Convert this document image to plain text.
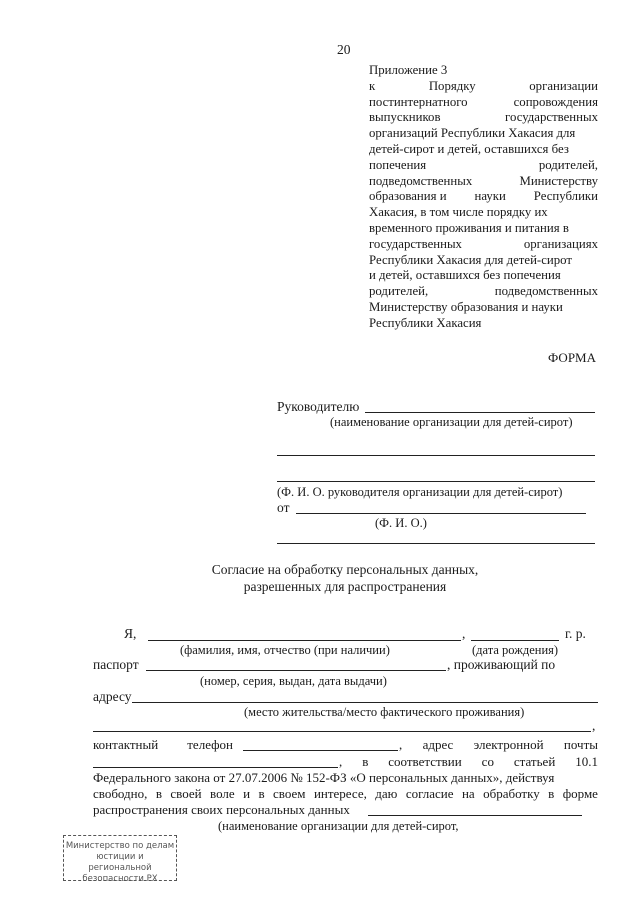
20
Приложение 3
к	Порядку	организации
постинтернатного	сопровождения
выпускников	государственных
организаций Республики Хакасия для
детей-сирот и детей, оставшихся без
попечения	родителей,
подведомственных	Министерству
образования и науки Республики
Хакасия, в том числе порядку их
временного проживания и питания в
государственных	организациях
Республики Хакасия для детей-сирот
и детей, оставшихся без попечения
родителей,	подведомственных
Министерству образования и науки
Республики Хакасия
ФОРМА
Руководителю
(наименование организации для детей-сирот)
(Ф. И. О. руководителя организации для детей-сирот)
от
(Ф. И. О.)
Согласие на обработку персональных данных,
разрешенных для распространения
Я,	,	г. р.
(фамилия, имя, отчество (при наличии)	(дата рождения)
паспорт	, проживающий по
(номер, серия, выдан, дата выдачи)
адресу
(место жительства/место фактического проживания)
,
контактный телефон	, адрес электронной почты
, в соответствии со статьей 10.1
Федерального закона от 27.07.2006 № 152-ФЗ «О персональных данных», действуя
свободно, в своей воле и в своем интересе, даю согласие на обработку в форме
распространения своих персональных данных
(наименование организации для детей-сирот,
Министерство по делам
юстиции и региональной
безопасности РХ
